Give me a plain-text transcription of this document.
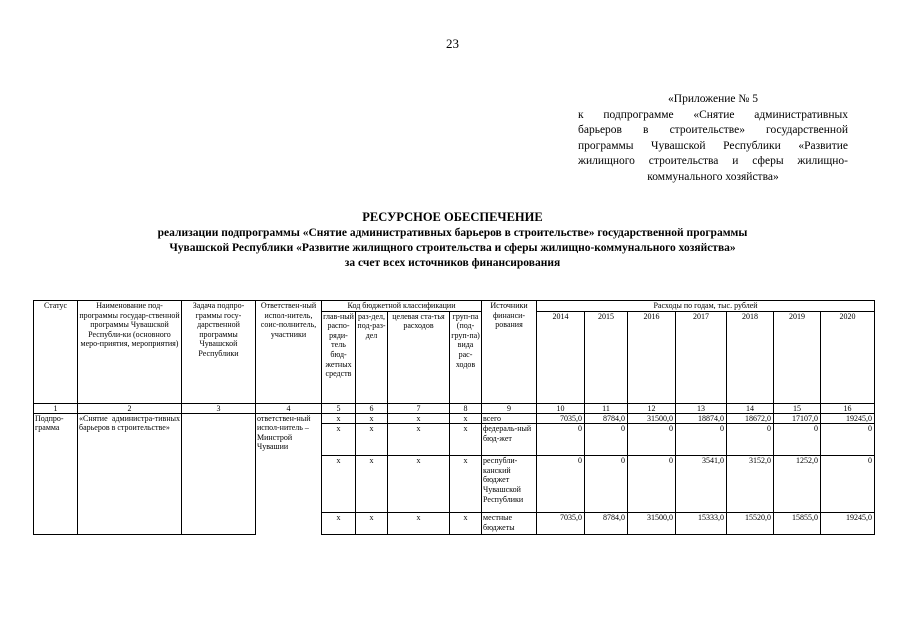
23
«Приложение № 5
к подпрограмме «Снятие административных
барьеров в строительстве» государственной
программы Чувашской Республики «Развитие
жилищного строительства и сферы жилищно-
коммунального хозяйства»
РЕСУРСНОЕ ОБЕСПЕЧЕНИЕ
реализации подпрограммы «Снятие административных барьеров в строительстве» государственной программы
Чувашской Республики «Развитие жилищного строительства и сферы жилищно-коммунального хозяйства»
за счет всех источников финансирования
Статус	Наименование под-программы государ-ственной программы Чувашской Республи-ки (основного меро-приятия, мероприятия)	Задача подпро-граммы госу-дарственной программы Чувашской Республики	Ответствен-ный испол-нитель, соис-полнитель, участники	Код бюджетной классификации				Источники финанси-рования	Расходы по годам, тыс. рублей						
				глав-ный распо-ряди-тель бюд-жетных средств	раз-дел, под-раз-дел	целевая ста-тья расходов	груп-па (под-груп-па) вида рас-ходов		2014	2015	2016	2017	2018	2019	2020
1	2	3	4	5	6	7	8	9	10	11	12	13	14	15	16
Подпро-грамма	«Снятие администра-тивных барьеров в строительстве»		ответствен-ный испол-нитель – Минстрой Чувашии	x	x	x	x	всего	7035,0	8784,0	31500,0	18874,0	18672,0	17107,0	19245,0
				x	x	x	x	федераль-ный бюд-жет	0	0	0	0	0	0	0
				x	x	x	x	республи-канский бюджет Чувашской Республики	0	0	0	3541,0	3152,0	1252,0	0
				x	x	x	x	местные бюджеты	7035,0	8784,0	31500,0	15333,0	15520,0	15855,0	19245,0
